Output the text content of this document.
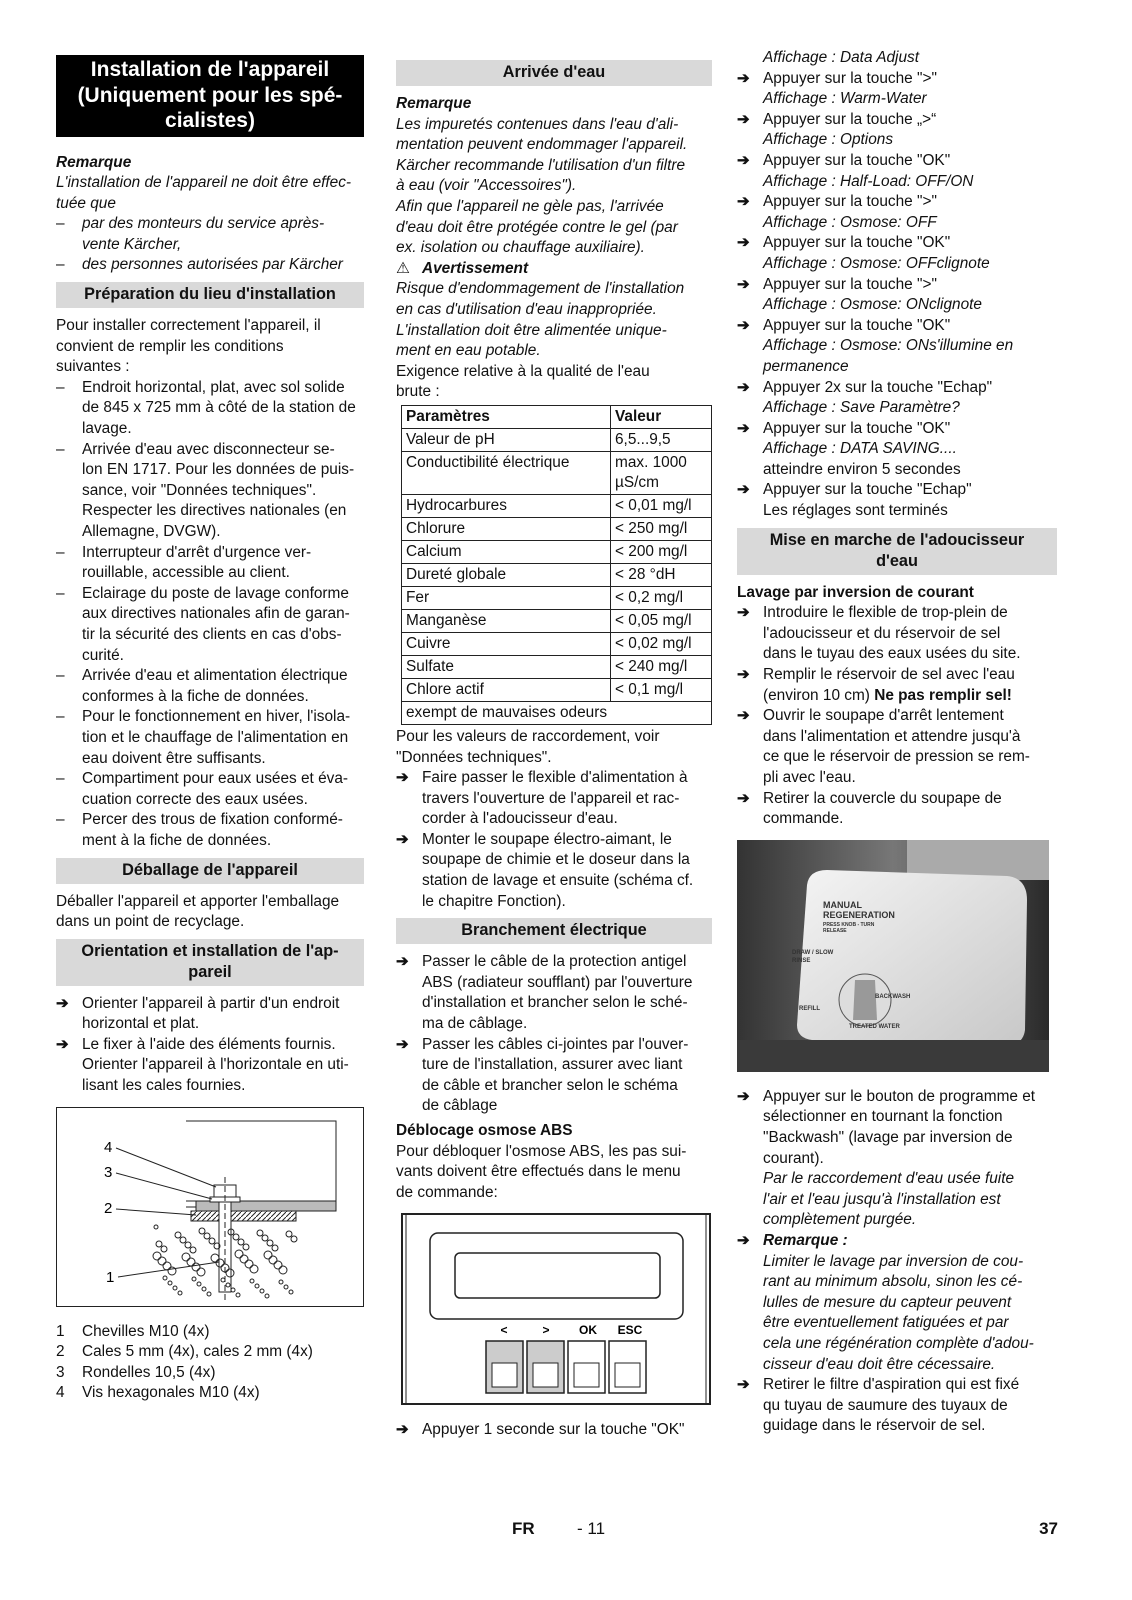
Installation de l'appareil
(Uniquement pour les spé-
cialistes)
Remarque
L'installation de l'appareil ne doit être effec-
tuée que
– par des monteurs du service après-
vente Kärcher,
– des personnes autorisées par Kärcher
Préparation du lieu d'installation
Pour installer correctement l'appareil, il
convient de remplir les conditions
suivantes :
– Endroit horizontal, plat, avec sol solide
de 845 x 725 mm à côté de la station de
lavage.
– Arrivée d'eau avec disconnecteur se-
lon EN 1717. Pour les données de puis-
sance, voir "Données techniques".
Respecter les directives nationales (en
Allemagne, DVGW).
– Interrupteur d'arrêt d'urgence ver-
rouillable, accessible au client.
– Eclairage du poste de lavage conforme
aux directives nationales afin de garan-
tir la sécurité des clients en cas d'obs-
curité.
– Arrivée d'eau et alimentation électrique
conformes à la fiche de données.
– Pour le fonctionnement en hiver, l'isola-
tion et le chauffage de l'alimentation en
eau doivent être suffisants.
– Compartiment pour eaux usées et éva-
cuation correcte des eaux usées.
– Percer des trous de fixation conformé-
ment à la fiche de données.
Déballage de l'appareil
Déballer l'appareil et apporter l'emballage
dans un point de recyclage.
Orientation et installation de l'ap-
pareil
➔ Orienter l'appareil à partir d'un endroit
horizontal et plat.
➔ Le fixer à l'aide des éléments fournis.
Orienter l'appareil à l'horizontale en uti-
lisant les cales fournies.
4
3
2
1
1 Chevilles M10 (4x)
2 Cales 5 mm (4x), cales 2 mm (4x)
3 Rondelles 10,5 (4x)
4 Vis hexagonales M10 (4x)
Arrivée d'eau
Remarque
Les impuretés contenues dans l'eau d'ali-
mentation peuvent endommager l'appareil.
Kärcher recommande l'utilisation d'un filtre
à eau (voir "Accessoires").
Afin que l'appareil ne gèle pas, l'arrivée
d'eau doit être protégée contre le gel (par
ex. isolation ou chauffage auxiliaire).
⚠ Avertissement
Risque d'endommagement de l'installation
en cas d'utilisation d'eau inappropriée.
L'installation doit être alimentée unique-
ment en eau potable.
Exigence relative à la qualité de l'eau
brute :
Paramètres	Valeur
Valeur de pH	6,5...9,5
Conductibilité électrique	max. 1000 µS/cm
Hydrocarbures	< 0,01 mg/l
Chlorure	< 250 mg/l
Calcium	< 200 mg/l
Dureté globale	< 28 °dH
Fer	< 0,2 mg/l
Manganèse	< 0,05 mg/l
Cuivre	< 0,02 mg/l
Sulfate	< 240 mg/l
Chlore actif	< 0,1 mg/l
exempt de mauvaises odeurs	
Pour les valeurs de raccordement, voir
"Données techniques".
➔ Faire passer le flexible d'alimentation à
travers l'ouverture de l'appareil et rac-
corder à l'adoucisseur d'eau.
➔ Monter le soupape électro-aimant, le
soupape de chimie et le doseur dans la
station de lavage et ensuite (schéma cf.
le chapitre Fonction).
Branchement électrique
➔ Passer le câble de la protection antigel
ABS (radiateur soufflant) par l'ouverture
d'installation et brancher selon le sché-
ma de câblage.
➔ Passer les câbles ci-jointes par l'ouver-
ture de l'installation, assurer avec liant
de câble et brancher selon le schéma
de câblage
Déblocage osmose ABS
Pour débloquer l'osmose ABS, les pas sui-
vants doivent être effectués dans le menu
de commande:
<	> OK ESC
➔ Appuyer 1 seconde sur la touche "OK"
Affichage : Data Adjust
➔ Appuyer sur la touche ">"
Affichage : Warm-Water
➔ Appuyer sur la touche „>“
Affichage : Options
➔ Appuyer sur la touche "OK"
Affichage : Half-Load: OFF/ON
➔ Appuyer sur la touche ">"
Affichage : Osmose: OFF
➔ Appuyer sur la touche "OK"
Affichage : Osmose: OFFclignote
➔ Appuyer sur la touche ">"
Affichage : Osmose: ONclignote
➔ Appuyer sur la touche "OK"
Affichage : Osmose: ONs'illumine en
permanence
➔ Appuyer 2x sur la touche "Echap"
Affichage : Save Paramètre?
➔ Appuyer sur la touche "OK"
Affichage : DATA SAVING....
atteindre environ 5 secondes
➔ Appuyer sur la touche "Echap"
Les réglages sont terminés
Mise en marche de l'adoucisseur
d'eau
Lavage par inversion de courant
➔ Introduire le flexible de trop-plein de
l'adoucisseur et du réservoir de sel
dans le tuyau des eaux usées du site.
➔ Remplir le réservoir de sel avec l'eau
(environ 10 cm) Ne pas remplir sel!
➔ Ouvrir le soupape d'arrêt lentement
dans l'alimentation et attendre jusqu'à
ce que le réservoir de pression se rem-
pli avec l'eau.
➔ Retirer la couvercle du soupape de
commande.
MANUAL
REGENERATION
PRESS KNOB - TURN
RELEASE
DRAW / SLOW
RINSE
BACKWASH
REFILL
TREATED WATER
➔ Appuyer sur le bouton de programme et
sélectionner en tournant la fonction
"Backwash" (lavage par inversion de
courant).
Par le raccordement d'eau usée fuite
l'air et l'eau jusqu'à l'installation est
complètement purgée.
➔ Remarque :
Limiter le lavage par inversion de cou-
rant au minimum absolu, sinon les cé-
lulles de mesure du capteur peuvent
être eventuellement fatiguées et par
cela une régénération complète d'adou-
cisseur d'eau doit être cécessaire.
➔ Retirer le filtre d'aspiration qui est fixé
qu tuyau de saumure des tuyaux de
guidage dans le réservoir de sel.
FR - 11	37
